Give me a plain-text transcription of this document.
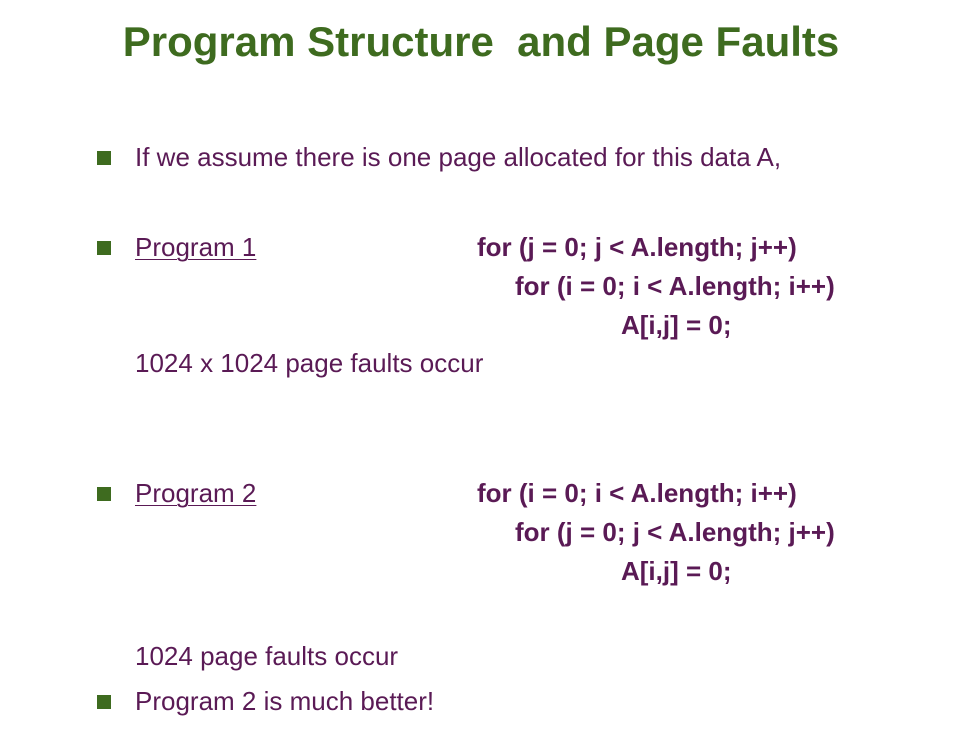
Program Structure  and Page Faults
If we assume there is one page allocated for this data A,
Program 1	for (j = 0; j < A.length; j++)
for (i = 0; i < A.length; i++)
A[i,j] = 0;
1024 x 1024 page faults occur
Program 2	for (i = 0; i < A.length; i++)
for (j = 0; j < A.length; j++)
A[i,j] = 0;
1024 page faults occur
Program 2 is much better!
